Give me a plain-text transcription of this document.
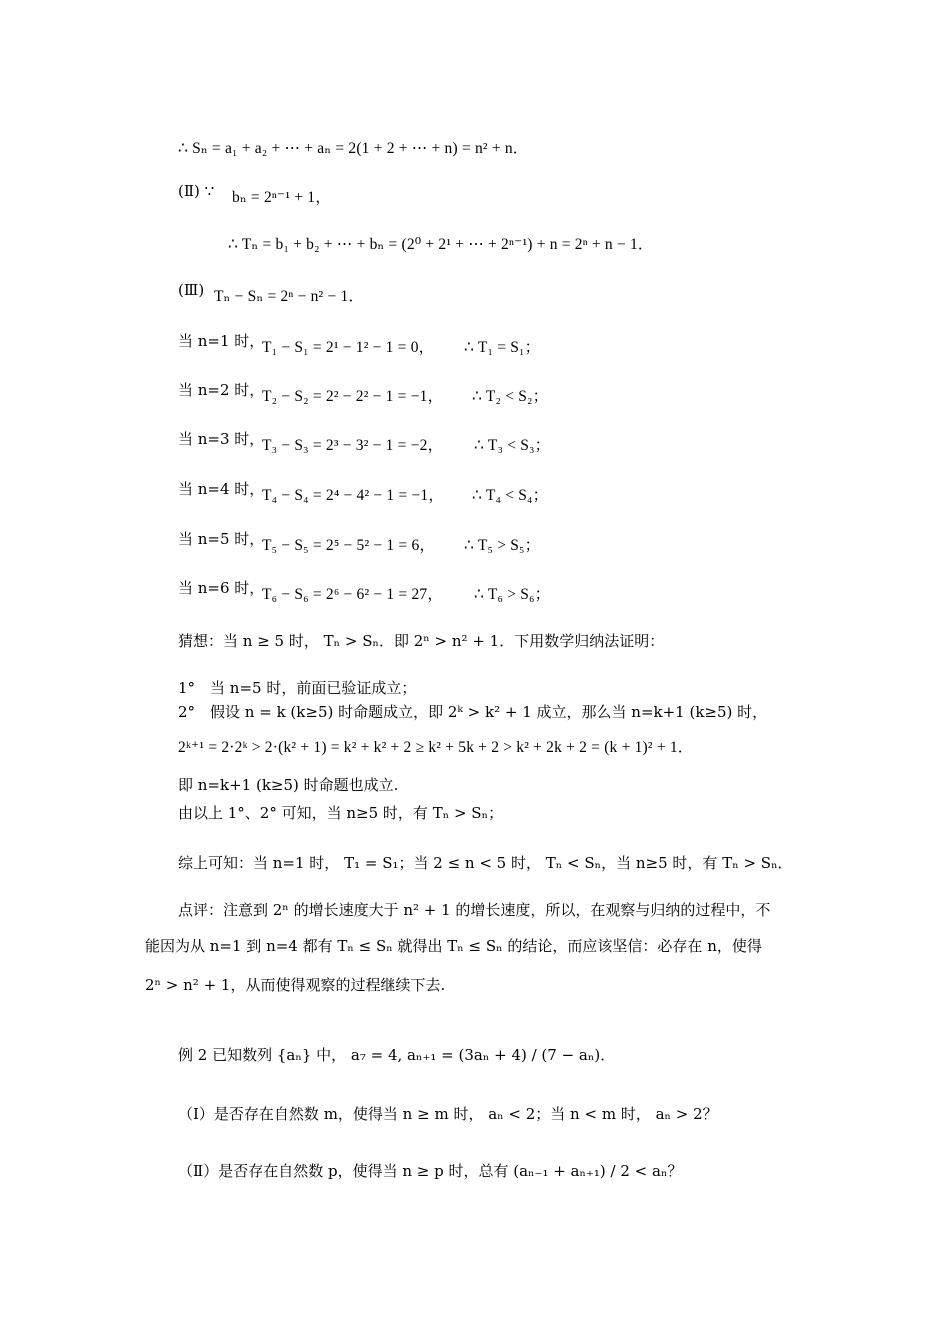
∴ Sₙ = a₁ + a₂ + ⋯ + aₙ = 2(1 + 2 + ⋯ + n) = n² + n．
(Ⅱ) ∵ bₙ = 2ⁿ⁻¹ + 1，
∴ Tₙ = b₁ + b₂ + ⋯ + bₙ = (2⁰ + 2¹ + ⋯ + 2ⁿ⁻¹) + n = 2ⁿ + n − 1．
(Ⅲ) Tₙ − Sₙ = 2ⁿ − n² − 1．
当 n=1 时，
T₁ − S₁ = 2¹ − 1² − 1 = 0， ∴ T₁ = S₁；
当 n=2 时，
T₂ − S₂ = 2² − 2² − 1 = −1， ∴ T₂ < S₂；
当 n=3 时，
T₃ − S₃ = 2³ − 3² − 1 = −2， ∴ T₃ < S₃；
当 n=4 时，
T₄ − S₄ = 2⁴ − 4² − 1 = −1， ∴ T₄ < S₄；
当 n=5 时，
T₅ − S₅ = 2⁵ − 5² − 1 = 6， ∴ T₅ > S₅；
当 n=6 时，
T₆ − S₆ = 2⁶ − 6² − 1 = 27， ∴ T₆ > S₆；
猜想：当 n ≥ 5 时， Tₙ > Sₙ．即 2ⁿ > n² + 1．下用数学归纳法证明：
1°　当 n=5 时，前面已验证成立；
2°　假设 n = k (k≥5) 时命题成立，即 2ᵏ > k² + 1 成立，那么当 n=k+1 (k≥5) 时，
2ᵏ⁺¹ = 2·2ᵏ > 2·(k² + 1) = k² + k² + 2 ≥ k² + 5k + 2 > k² + 2k + 2 = (k + 1)² + 1．
即 n=k+1 (k≥5) 时命题也成立.
由以上 1°、2° 可知，当 n≥5 时，有 Tₙ > Sₙ；
综上可知：当 n=1 时， T₁ = S₁；当 2 ≤ n < 5 时， Tₙ < Sₙ，当 n≥5 时，有 Tₙ > Sₙ．
点评：注意到 2ⁿ 的增长速度大于 n² + 1 的增长速度，所以，在观察与归纳的过程中，不
能因为从 n=1 到 n=4 都有 Tₙ ≤ Sₙ 就得出 Tₙ ≤ Sₙ 的结论，而应该坚信：必存在 n，使得
2ⁿ > n² + 1，从而使得观察的过程继续下去.
例 2 已知数列 {aₙ} 中， a₇ = 4, aₙ₊₁ = (3aₙ + 4) / (7 − aₙ)．
（Ⅰ）是否存在自然数 m，使得当 n ≥ m 时， aₙ < 2；当 n < m 时， aₙ > 2？
（Ⅱ）是否存在自然数 p，使得当 n ≥ p 时，总有 (aₙ₋₁ + aₙ₊₁) / 2 < aₙ？
